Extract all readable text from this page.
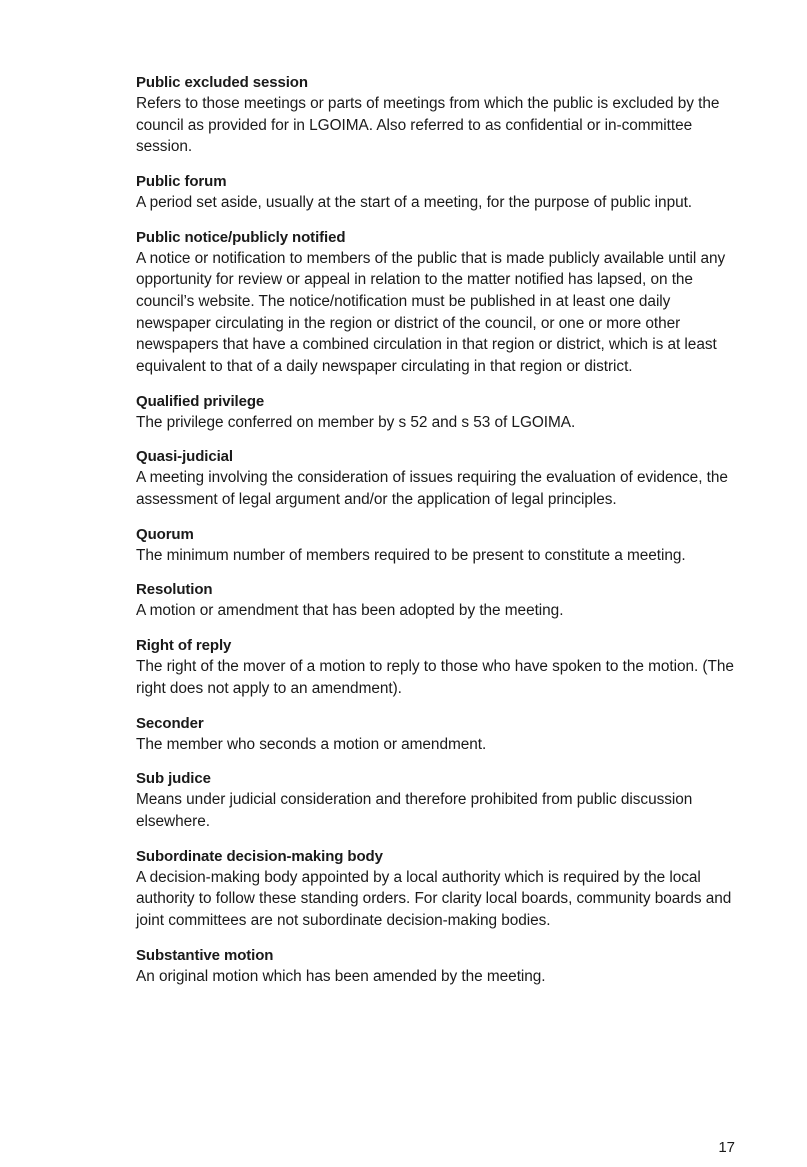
Public excluded session
Refers to those meetings or parts of meetings from which the public is excluded by the council as provided for in LGOIMA. Also referred to as confidential or in-committee session.
Public forum
A period set aside, usually at the start of a meeting, for the purpose of public input.
Public notice/publicly notified
A notice or notification to members of the public that is made publicly available until any opportunity for review or appeal in relation to the matter notified has lapsed, on the council’s website. The notice/notification must be published in at least one daily newspaper circulating in the region or district of the council, or one or more other newspapers that have a combined circulation in that region or district, which is at least equivalent to that of a daily newspaper circulating in that region or district.
Qualified privilege
The privilege conferred on member by s 52 and s 53 of LGOIMA.
Quasi-judicial
A meeting involving the consideration of issues requiring the evaluation of evidence, the assessment of legal argument and/or the application of legal principles.
Quorum
The minimum number of members required to be present to constitute a meeting.
Resolution
A motion or amendment that has been adopted by the meeting.
Right of reply
The right of the mover of a motion to reply to those who have spoken to the motion. (The right does not apply to an amendment).
Seconder
The member who seconds a motion or amendment.
Sub judice
Means under judicial consideration and therefore prohibited from public discussion elsewhere.
Subordinate decision-making body
A decision-making body appointed by a local authority which is required by the local authority to follow these standing orders. For clarity local boards, community boards and joint committees are not subordinate decision-making bodies.
Substantive motion
An original motion which has been amended by the meeting.
17
